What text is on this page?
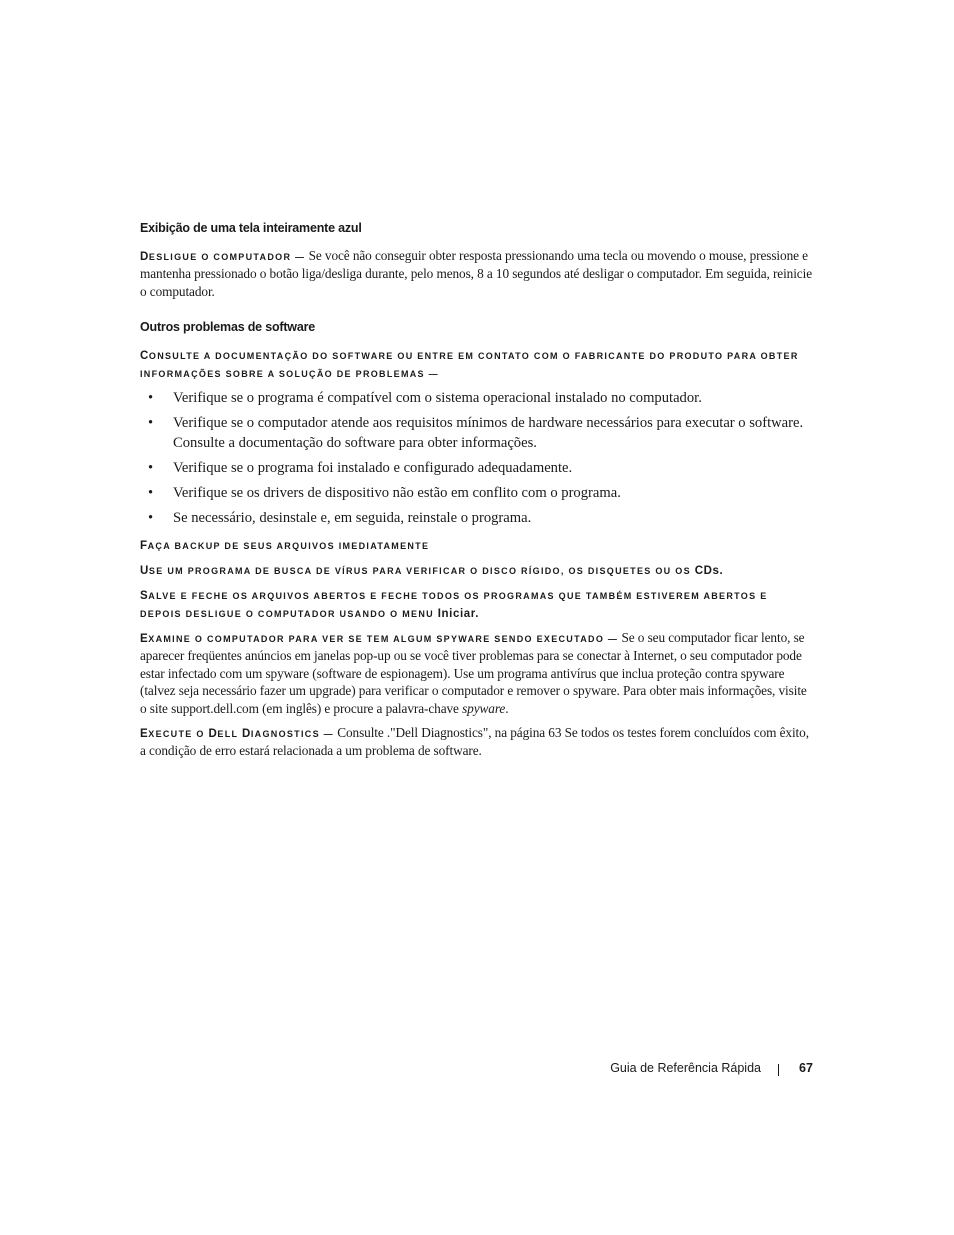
Exibição de uma tela inteiramente azul

DESLIGUE O COMPUTADOR — Se você não conseguir obter resposta pressionando uma tecla ou movendo o mouse, pressione e mantenha pressionado o botão liga/desliga durante, pelo menos, 8 a 10 segundos até desligar o computador. Em seguida, reinicie o computador.

Outros problemas de software

CONSULTE A DOCUMENTAÇÃO DO SOFTWARE OU ENTRE EM CONTATO COM O FABRICANTE DO PRODUTO PARA OBTER INFORMAÇÕES SOBRE A SOLUÇÃO DE PROBLEMAS —

• Verifique se o programa é compatível com o sistema operacional instalado no computador.
• Verifique se o computador atende aos requisitos mínimos de hardware necessários para executar o software. Consulte a documentação do software para obter informações.
• Verifique se o programa foi instalado e configurado adequadamente.
• Verifique se os drivers de dispositivo não estão em conflito com o programa.
• Se necessário, desinstale e, em seguida, reinstale o programa.

FAÇA BACKUP DE SEUS ARQUIVOS IMEDIATAMENTE

USE UM PROGRAMA DE BUSCA DE VÍRUS PARA VERIFICAR O DISCO RÍGIDO, OS DISQUETES OU OS CDs.

SALVE E FECHE OS ARQUIVOS ABERTOS E FECHE TODOS OS PROGRAMAS QUE TAMBÉM ESTIVEREM ABERTOS E DEPOIS DESLIGUE O COMPUTADOR USANDO O MENU Iniciar.

EXAMINE O COMPUTADOR PARA VER SE TEM ALGUM SPYWARE SENDO EXECUTADO — Se o seu computador ficar lento, se aparecer freqüentes anúncios em janelas pop-up ou se você tiver problemas para se conectar à Internet, o seu computador pode estar infectado com um spyware (software de espionagem). Use um programa antivírus que inclua proteção contra spyware (talvez seja necessário fazer um upgrade) para verificar o computador e remover o spyware. Para obter mais informações, visite o site support.dell.com (em inglês) e procure a palavra-chave spyware.

EXECUTE O DELL DIAGNOSTICS — Consulte ."Dell Diagnostics", na página 63 Se todos os testes forem concluídos com êxito, a condição de erro estará relacionada a um problema de software.

Guia de Referência Rápida	67
